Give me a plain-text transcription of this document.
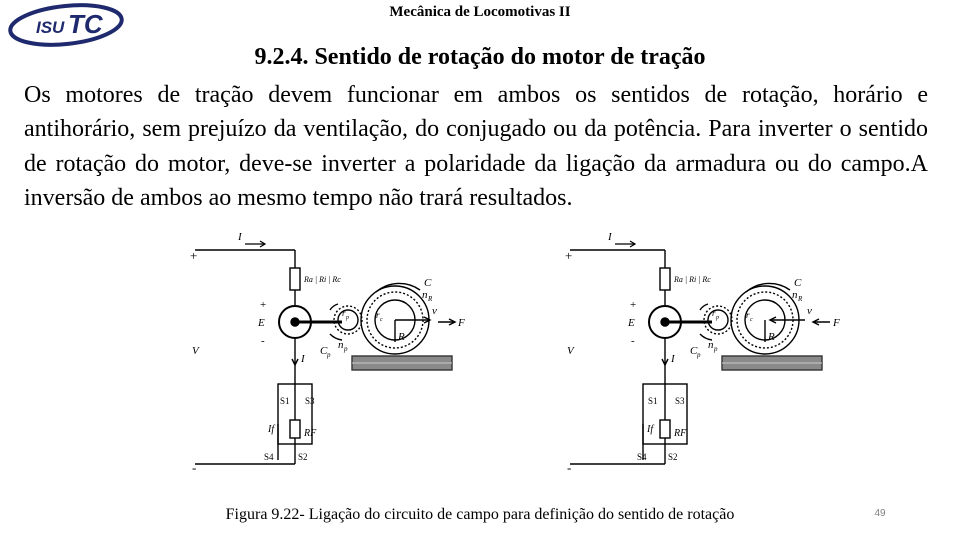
ISU TC	Mecânica de Locomotivas II
9.2.4. Sentido de rotação do motor de tração
Os motores de tração devem funcionar em ambos os sentidos de rotação, horário e antihorário, sem prejuízo da ventilação, do conjugado ou da potência. Para inverter o sentido de rotação do motor, deve-se inverter a polaridade da ligação da armadura ou do campo.A inversão de ambos ao mesmo tempo não trará resultados.
I
+
-
Ra | Ri | Rc
+
E
-
V
I
C p
n p
C
n R
r p	r c
v
F
R
S1 S3
S2
S4
If	RF
I
+
-
Ra | Ri | Rc
+
E
-
V
I
C p
n p
C
n R
r p	r c
v
F
R
S1 S3
S2
S4
If RF
Figura 9.22- Ligação do circuito de campo para definição do sentido de rotação	49
